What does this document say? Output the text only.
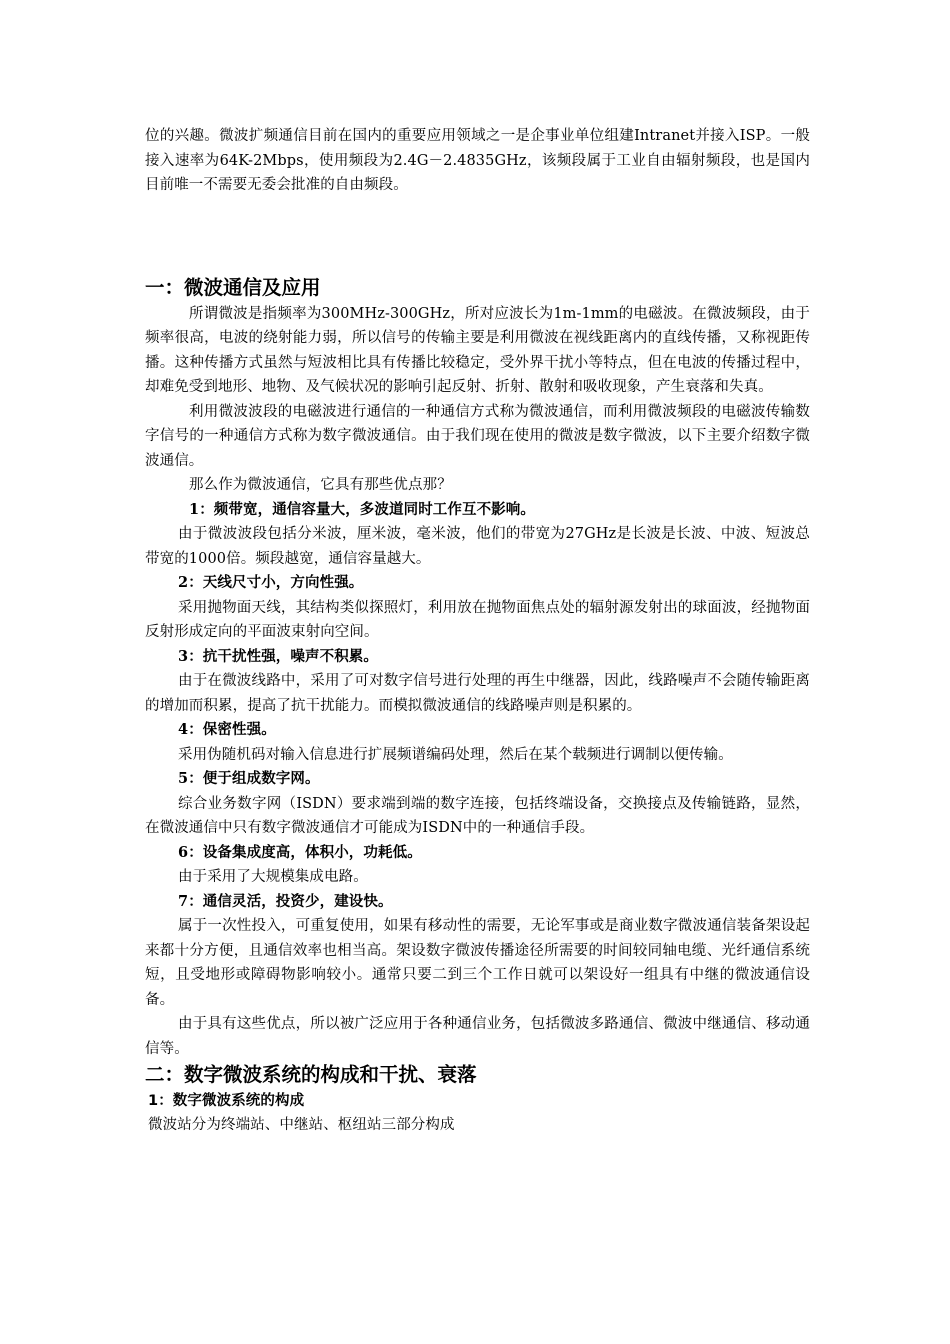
位的兴趣。微波扩频通信目前在国内的重要应用领域之一是企事业单位组建Intranet并接入ISP。一般接入速率为64K-2Mbps，使用频段为2.4G－2.4835GHz，该频段属于工业自由辐射频段，也是国内目前唯一不需要无委会批准的自由频段。

一：微波通信及应用

所谓微波是指频率为300MHz-300GHz，所对应波长为1m-1mm的电磁波。在微波频段，由于频率很高，电波的绕射能力弱，所以信号的传输主要是利用微波在视线距离内的直线传播，又称视距传播。这种传播方式虽然与短波相比具有传播比较稳定，受外界干扰小等特点，但在电波的传播过程中，却难免受到地形、地物、及气候状况的影响引起反射、折射、散射和吸收现象，产生衰落和失真。

利用微波波段的电磁波进行通信的一种通信方式称为微波通信，而利用微波频段的电磁波传输数字信号的一种通信方式称为数字微波通信。由于我们现在使用的微波是数字微波，以下主要介绍数字微波通信。

那么作为微波通信，它具有那些优点那？

1：频带宽，通信容量大，多波道同时工作互不影响。

由于微波波段包括分米波，厘米波，毫米波，他们的带宽为27GHz是长波是长波、中波、短波总带宽的1000倍。频段越宽，通信容量越大。

2：天线尺寸小，方向性强。

采用抛物面天线，其结构类似探照灯，利用放在抛物面焦点处的辐射源发射出的球面波，经抛物面反射形成定向的平面波束射向空间。

3：抗干扰性强，噪声不积累。

由于在微波线路中，采用了可对数字信号进行处理的再生中继器，因此，线路噪声不会随传输距离的增加而积累，提高了抗干扰能力。而模拟微波通信的线路噪声则是积累的。

4：保密性强。

采用伪随机码对输入信息进行扩展频谱编码处理，然后在某个载频进行调制以便传输。

5：便于组成数字网。

综合业务数字网（ISDN）要求端到端的数字连接，包括终端设备，交换接点及传输链路，显然，在微波通信中只有数字微波通信才可能成为ISDN中的一种通信手段。

6：设备集成度高，体积小，功耗低。

由于采用了大规模集成电路。

7：通信灵活，投资少，建设快。

属于一次性投入，可重复使用，如果有移动性的需要，无论军事或是商业数字微波通信装备架设起来都十分方便，且通信效率也相当高。架设数字微波传播途径所需要的时间较同轴电缆、光纤通信系统短，且受地形或障碍物影响较小。通常只要二到三个工作日就可以架设好一组具有中继的微波通信设备。

由于具有这些优点，所以被广泛应用于各种通信业务，包括微波多路通信、微波中继通信、移动通信等。

二：数字微波系统的构成和干扰、衰落

1：数字微波系统的构成

微波站分为终端站、中继站、枢纽站三部分构成
